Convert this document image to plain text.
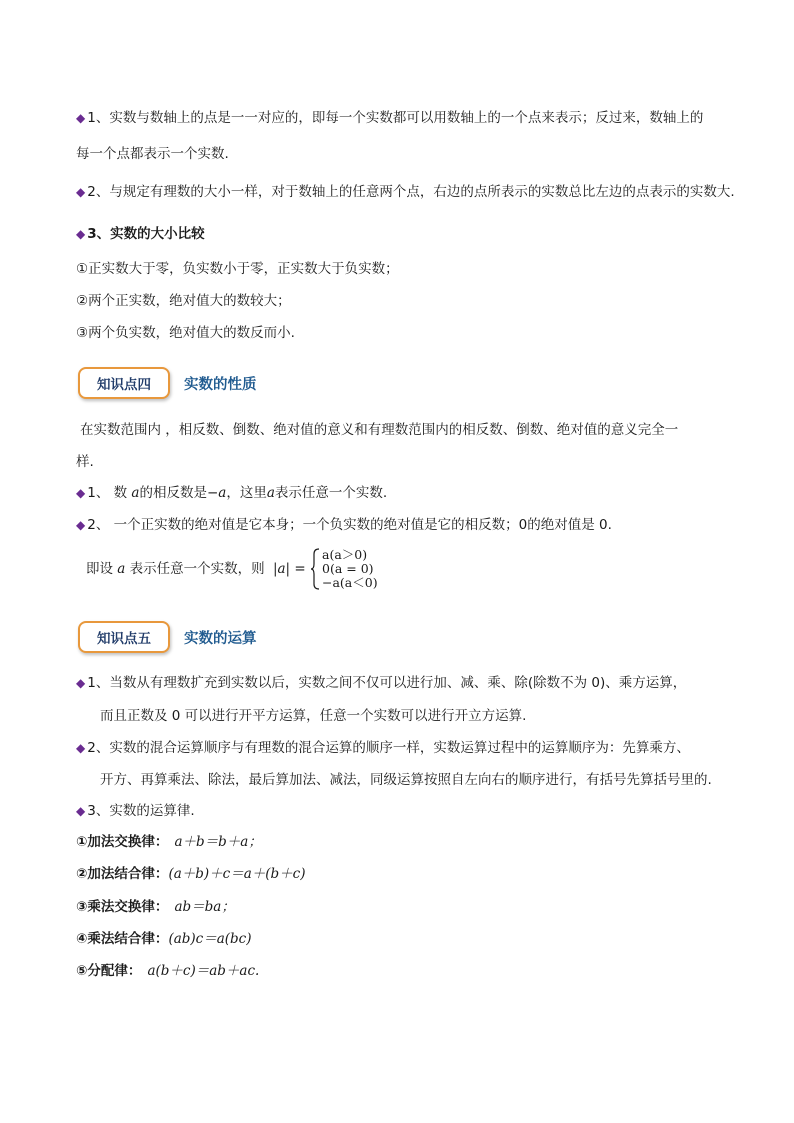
◆ 1、实数与数轴上的点是一一对应的，即每一个实数都可以用数轴上的一个点来表示；反过来，数轴上的
每一个点都表示一个实数.
◆ 2、与规定有理数的大小一样，对于数轴上的任意两个点，右边的点所表示的实数总比左边的点表示的实数大.
◆ 3、实数的大小比较
①正实数大于零，负实数小于零，正实数大于负实数；
②两个正实数，绝对值大的数较大；
③两个负实数，绝对值大的数反而小.
知识点四	实数的性质
在实数范围内 ，相反数、倒数、绝对值的意义和有理数范围内的相反数、倒数、绝对值的意义完全一
样.
◆ 1、 数 a的相反数是−a，这里a表示任意一个实数.
◆ 2、 一个正实数的绝对值是它本身；一个负实数的绝对值是它的相反数；0的绝对值是 0.
即设 a 表示任意一个实数，则 |a| =
a(a＞0)
0(a = 0)
−a(a＜0)
知识点五	实数的运算
◆ 1、当数从有理数扩充到实数以后，实数之间不仅可以进行加、减、乘、除(除数不为 0)、乘方运算，
而且正数及 0 可以进行开平方运算，任意一个实数可以进行开立方运算.
◆ 2、实数的混合运算顺序与有理数的混合运算的顺序一样，实数运算过程中的运算顺序为：先算乘方、
开方、再算乘法、除法，最后算加法、减法，同级运算按照自左向右的顺序进行，有括号先算括号里的.
◆ 3、实数的运算律.
①加法交换律： a＋b＝b＋a；
②加法结合律：(a＋b)＋c＝a＋(b＋c)
③乘法交换律： ab＝ba；
④乘法结合律：(ab)c＝a(bc)
⑤分配律： a(b＋c)＝ab＋ac.
